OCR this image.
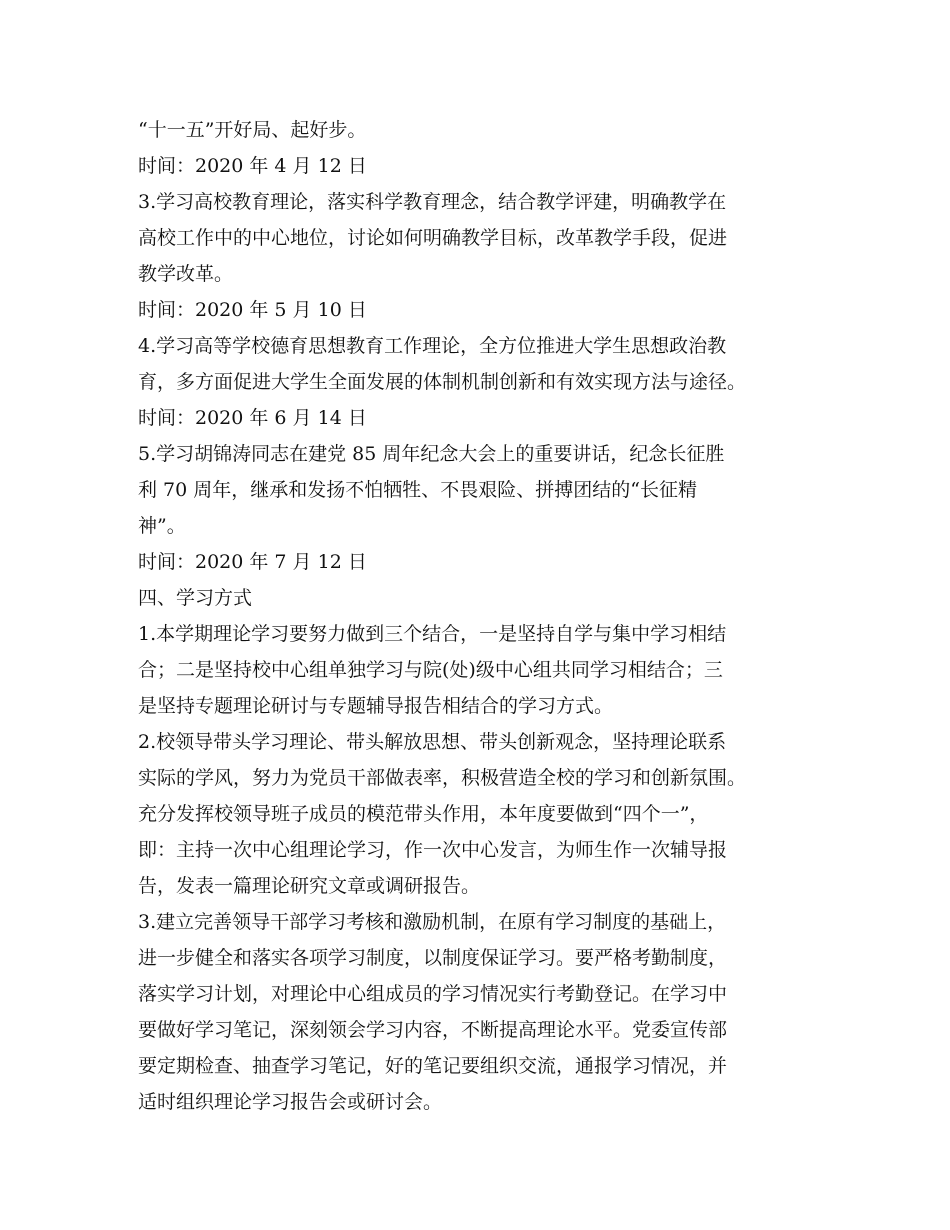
“十一五”开好局、起好步。
时间：2020 年 4 月 12 日
3.学习高校教育理论，落实科学教育理念，结合教学评建，明确教学在
高校工作中的中心地位，讨论如何明确教学目标，改革教学手段，促进
教学改革。
时间：2020 年 5 月 10 日
4.学习高等学校德育思想教育工作理论，全方位推进大学生思想政治教
育，多方面促进大学生全面发展的体制机制创新和有效实现方法与途径。
时间：2020 年 6 月 14 日
5.学习胡锦涛同志在建党 85 周年纪念大会上的重要讲话，纪念长征胜
利 70 周年，继承和发扬不怕牺牲、不畏艰险、拼搏团结的“长征精
神”。
时间：2020 年 7 月 12 日
四、学习方式
1.本学期理论学习要努力做到三个结合，一是坚持自学与集中学习相结
合；二是坚持校中心组单独学习与院(处)级中心组共同学习相结合；三
是坚持专题理论研讨与专题辅导报告相结合的学习方式。
2.校领导带头学习理论、带头解放思想、带头创新观念，坚持理论联系
实际的学风，努力为党员干部做表率，积极营造全校的学习和创新氛围。
充分发挥校领导班子成员的模范带头作用，本年度要做到“四个一”，
即：主持一次中心组理论学习，作一次中心发言，为师生作一次辅导报
告，发表一篇理论研究文章或调研报告。
3.建立完善领导干部学习考核和激励机制，在原有学习制度的基础上，
进一步健全和落实各项学习制度，以制度保证学习。要严格考勤制度，
落实学习计划，对理论中心组成员的学习情况实行考勤登记。在学习中
要做好学习笔记，深刻领会学习内容，不断提高理论水平。党委宣传部
要定期检查、抽查学习笔记，好的笔记要组织交流，通报学习情况，并
适时组织理论学习报告会或研讨会。
